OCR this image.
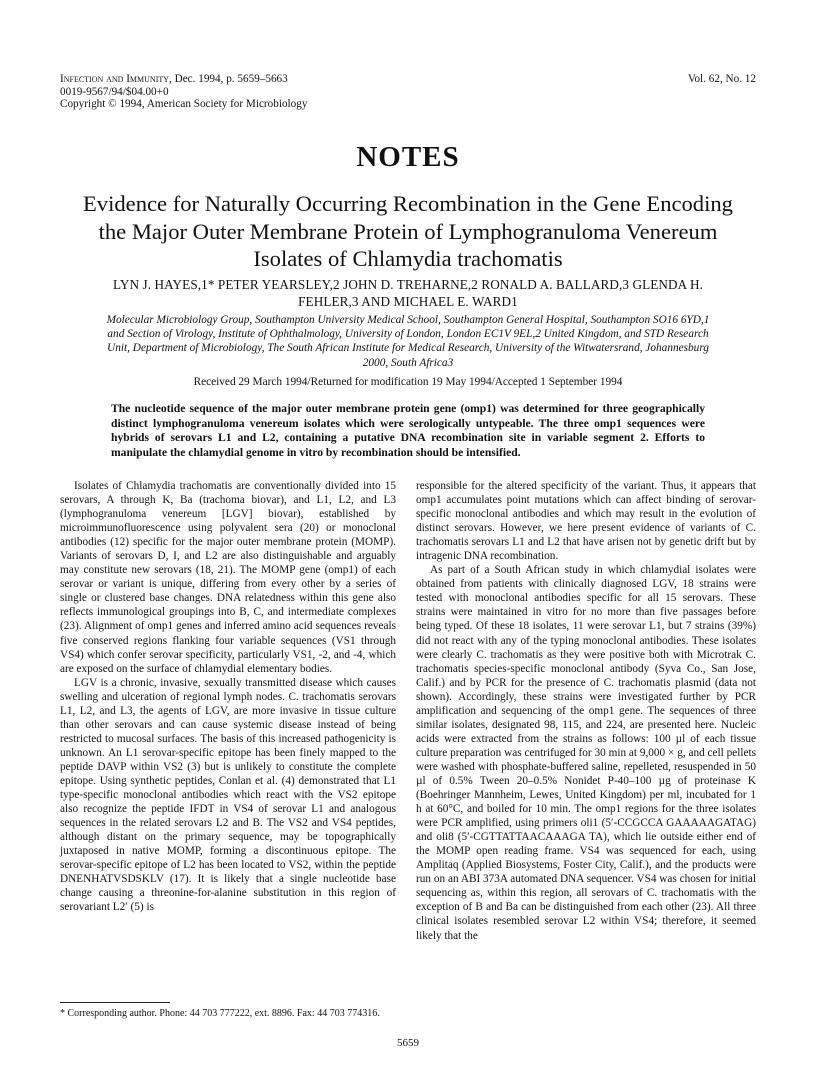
Infection and Immunity, Dec. 1994, p. 5659–5663
0019-9567/94/$04.00+0
Copyright © 1994, American Society for Microbiology
Vol. 62, No. 12
NOTES
Evidence for Naturally Occurring Recombination in the Gene Encoding the Major Outer Membrane Protein of Lymphogranuloma Venereum Isolates of Chlamydia trachomatis
LYN J. HAYES,1* PETER YEARSLEY,2 JOHN D. TREHARNE,2 RONALD A. BALLARD,3 GLENDA H. FEHLER,3 AND MICHAEL E. WARD1
Molecular Microbiology Group, Southampton University Medical School, Southampton General Hospital, Southampton SO16 6YD,1 and Section of Virology, Institute of Ophthalmology, University of London, London EC1V 9EL,2 United Kingdom, and STD Research Unit, Department of Microbiology, The South African Institute for Medical Research, University of the Witwatersrand, Johannesburg 2000, South Africa3
Received 29 March 1994/Returned for modification 19 May 1994/Accepted 1 September 1994
The nucleotide sequence of the major outer membrane protein gene (omp1) was determined for three geographically distinct lymphogranuloma venereum isolates which were serologically untypeable. The three omp1 sequences were hybrids of serovars L1 and L2, containing a putative DNA recombination site in variable segment 2. Efforts to manipulate the chlamydial genome in vitro by recombination should be intensified.

Isolates of Chlamydia trachomatis are conventionally divided into 15 serovars, A through K, Ba (trachoma biovar), and L1, L2, and L3 (lymphogranuloma venereum [LGV] biovar), established by microimmunofluorescence using polyvalent sera (20) or monoclonal antibodies (12) specific for the major outer membrane protein (MOMP). Variants of serovars D, I, and L2 are also distinguishable and arguably may constitute new serovars (18, 21). The MOMP gene (omp1) of each serovar or variant is unique, differing from every other by a series of single or clustered base changes. DNA relatedness within this gene also reflects immunological groupings into B, C, and intermediate complexes (23). Alignment of omp1 genes and inferred amino acid sequences reveals five conserved regions flanking four variable sequences (VS1 through VS4) which confer serovar specificity, particularly VS1, -2, and -4, which are exposed on the surface of chlamydial elementary bodies.

LGV is a chronic, invasive, sexually transmitted disease which causes swelling and ulceration of regional lymph nodes. C. trachomatis serovars L1, L2, and L3, the agents of LGV, are more invasive in tissue culture than other serovars and can cause systemic disease instead of being restricted to mucosal surfaces. The basis of this increased pathogenicity is unknown. An L1 serovar-specific epitope has been finely mapped to the peptide DAVP within VS2 (3) but is unlikely to constitute the complete epitope. Using synthetic peptides, Conlan et al. (4) demonstrated that L1 type-specific monoclonal antibodies which react with the VS2 epitope also recognize the peptide IFDT in VS4 of serovar L1 and analogous sequences in the related serovars L2 and B. The VS2 and VS4 peptides, although distant on the primary sequence, may be topographically juxtaposed in native MOMP, forming a discontinuous epitope. The serovar-specific epitope of L2 has been located to VS2, within the peptide DNENHATVSDSKLV (17). It is likely that a single nucleotide base change causing a threonine-for-alanine substitution in this region of serovariant L2′ (5) is

responsible for the altered specificity of the variant. Thus, it appears that omp1 accumulates point mutations which can affect binding of serovar-specific monoclonal antibodies and which may result in the evolution of distinct serovars. However, we here present evidence of variants of C. trachomatis serovars L1 and L2 that have arisen not by genetic drift but by intragenic DNA recombination.

As part of a South African study in which chlamydial isolates were obtained from patients with clinically diagnosed LGV, 18 strains were tested with monoclonal antibodies specific for all 15 serovars. These strains were maintained in vitro for no more than five passages before being typed. Of these 18 isolates, 11 were serovar L1, but 7 strains (39%) did not react with any of the typing monoclonal antibodies. These isolates were clearly C. trachomatis as they were positive both with Microtrak C. trachomatis species-specific monoclonal antibody (Syva Co., San Jose, Calif.) and by PCR for the presence of C. trachomatis plasmid (data not shown). Accordingly, these strains were investigated further by PCR amplification and sequencing of the omp1 gene. The sequences of three similar isolates, designated 98, 115, and 224, are presented here. Nucleic acids were extracted from the strains as follows: 100 µl of each tissue culture preparation was centrifuged for 30 min at 9,000 × g, and cell pellets were washed with phosphate-buffered saline, repelleted, resuspended in 50 µl of 0.5% Tween 20–0.5% Nonidet P-40–100 µg of proteinase K (Boehringer Mannheim, Lewes, United Kingdom) per ml, incubated for 1 h at 60°C, and boiled for 10 min. The omp1 regions for the three isolates were PCR amplified, using primers oli1 (5′-CCGCCA GAAAAAGATAG) and oli8 (5′-CGTTATTAACAAAGA TA), which lie outside either end of the MOMP open reading frame. VS4 was sequenced for each, using Amplitaq (Applied Biosystems, Foster City, Calif.), and the products were run on an ABI 373A automated DNA sequencer. VS4 was chosen for initial sequencing as, within this region, all serovars of C. trachomatis with the exception of B and Ba can be distinguished from each other (23). All three clinical isolates resembled serovar L2 within VS4; therefore, it seemed likely that the

* Corresponding author. Phone: 44 703 777222, ext. 8896. Fax: 44 703 774316.
5659
